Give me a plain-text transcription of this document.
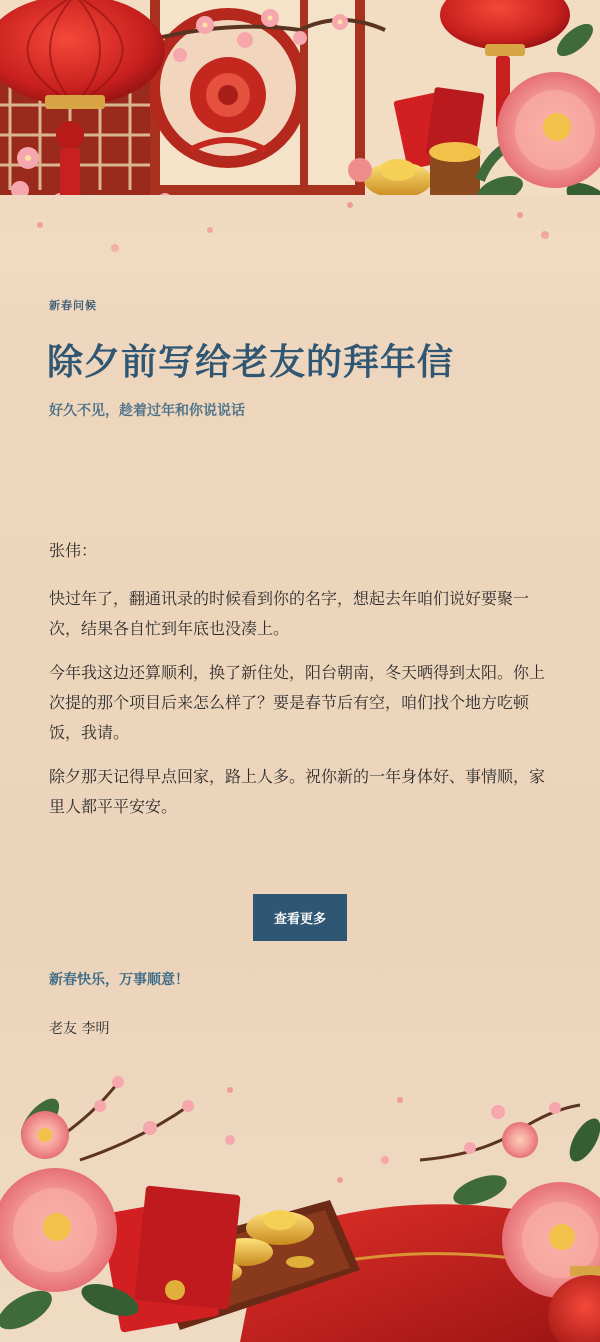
新春问候
除夕前写给老友的拜年信
好久不见，趁着过年和你说说话

张伟：

快过年了，翻通讯录的时候看到你的名字，想起去年咱们说好要聚一次，结果各自忙到年底也没凑上。

今年我这边还算顺利，换了新住处，阳台朝南，冬天晒得到太阳。你上次提的那个项目后来怎么样了？要是春节后有空，咱们找个地方吃顿饭，我请。

除夕那天记得早点回家，路上人多。祝你新的一年身体好、事情顺，家里人都平平安安。

查看更多
新春快乐，万事顺意！
老友 李明
